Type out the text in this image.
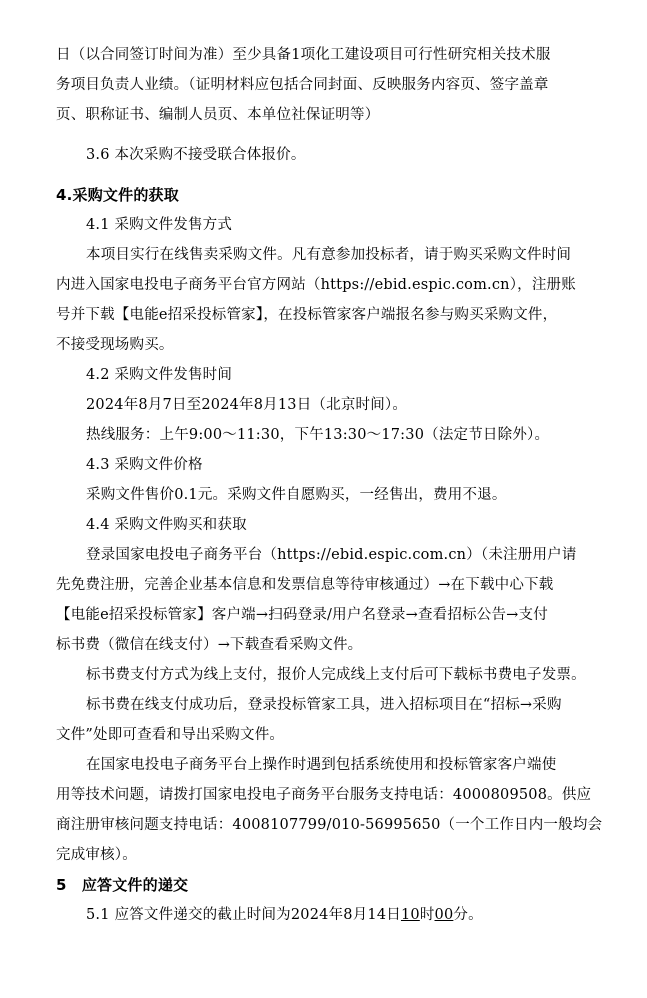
日（以合同签订时间为准）至少具备1项化工建设项目可行性研究相关技术服
务项目负责人业绩。（证明材料应包括合同封面、反映服务内容页、签字盖章
页、职称证书、编制人员页、本单位社保证明等）
3.6 本次采购不接受联合体报价。
4.采购文件的获取
4.1 采购文件发售方式
本项目实行在线售卖采购文件。凡有意参加投标者，请于购买采购文件时间
内进入国家电投电子商务平台官方网站（https://ebid.espic.com.cn），注册账
号并下载【电能e招采投标管家】，在投标管家客户端报名参与购买采购文件，
不接受现场购买。
4.2 采购文件发售时间
2024年8月7日至2024年8月13日（北京时间）。
热线服务：上午9:00～11:30，下午13:30～17:30（法定节日除外）。
4.3 采购文件价格
采购文件售价0.1元。采购文件自愿购买，一经售出，费用不退。
4.4 采购文件购买和获取
登录国家电投电子商务平台（https://ebid.espic.com.cn）（未注册用户请
先免费注册，完善企业基本信息和发票信息等待审核通过）→在下载中心下载
【电能e招采投标管家】客户端→扫码登录/用户名登录→查看招标公告→支付
标书费（微信在线支付）→下载查看采购文件。
标书费支付方式为线上支付，报价人完成线上支付后可下载标书费电子发票。
标书费在线支付成功后，登录投标管家工具，进入招标项目在“招标→采购
文件”处即可查看和导出采购文件。
在国家电投电子商务平台上操作时遇到包括系统使用和投标管家客户端使
用等技术问题，请拨打国家电投电子商务平台服务支持电话：4000809508。供应
商注册审核问题支持电话：4008107799/010-56995650（一个工作日内一般均会
完成审核）。
5　应答文件的递交
5.1 应答文件递交的截止时间为2024年8月14日10时00分。
